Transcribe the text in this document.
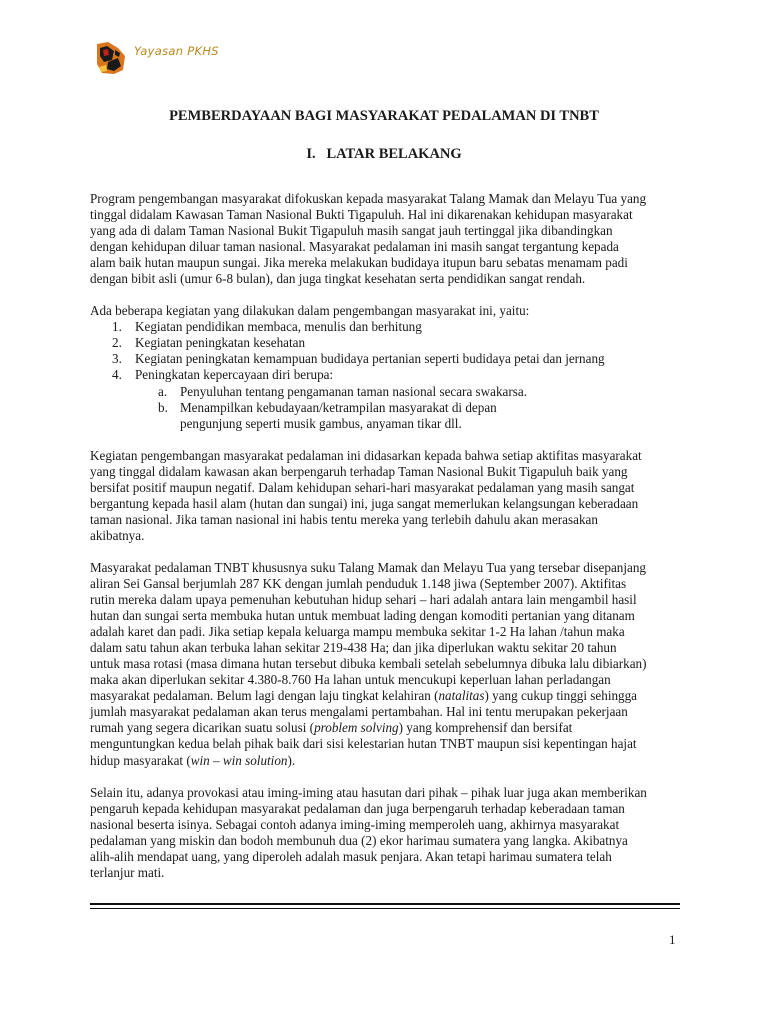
Yayasan PKHS
PEMBERDAYAAN BAGI MASYARAKAT PEDALAMAN DI TNBT
I. LATAR BELAKANG

Program pengembangan masyarakat difokuskan kepada masyarakat Talang Mamak dan Melayu Tua yang
tinggal didalam Kawasan Taman Nasional Bukti Tigapuluh. Hal ini dikarenakan kehidupan masyarakat
yang ada di dalam Taman Nasional Bukit Tigapuluh masih sangat jauh tertinggal jika dibandingkan
dengan kehidupan diluar taman nasional. Masyarakat pedalaman ini masih sangat tergantung kepada
alam baik hutan maupun sungai. Jika mereka melakukan budidaya itupun baru sebatas menamam padi
dengan bibit asli (umur 6-8 bulan), dan juga tingkat kesehatan serta pendidikan sangat rendah.

Ada beberapa kegiatan yang dilakukan dalam pengembangan masyarakat ini, yaitu:
1. Kegiatan pendidikan membaca, menulis dan berhitung
2. Kegiatan peningkatan kesehatan
3. Kegiatan peningkatan kemampuan budidaya pertanian seperti budidaya petai dan jernang
4. Peningkatan kepercayaan diri berupa:
a. Penyuluhan tentang pengamanan taman nasional secara swakarsa.
b. Menampilkan kebudayaan/ketrampilan masyarakat di depan
pengunjung seperti musik gambus, anyaman tikar dll.

Kegiatan pengembangan masyarakat pedalaman ini didasarkan kepada bahwa setiap aktifitas masyarakat
yang tinggal didalam kawasan akan berpengaruh terhadap Taman Nasional Bukit Tigapuluh baik yang
bersifat positif maupun negatif. Dalam kehidupan sehari-hari masyarakat pedalaman yang masih sangat
bergantung kepada hasil alam (hutan dan sungai) ini, juga sangat memerlukan kelangsungan keberadaan
taman nasional. Jika taman nasional ini habis tentu mereka yang terlebih dahulu akan merasakan
akibatnya.

Masyarakat pedalaman TNBT khususnya suku Talang Mamak dan Melayu Tua yang tersebar disepanjang
aliran Sei Gansal berjumlah 287 KK dengan jumlah penduduk 1.148 jiwa (September 2007). Aktifitas
rutin mereka dalam upaya pemenuhan kebutuhan hidup sehari – hari adalah antara lain mengambil hasil
hutan dan sungai serta membuka hutan untuk membuat lading dengan komoditi pertanian yang ditanam
adalah karet dan padi. Jika setiap kepala keluarga mampu membuka sekitar 1-2 Ha lahan /tahun maka
dalam satu tahun akan terbuka lahan sekitar 219-438 Ha; dan jika diperlukan waktu sekitar 20 tahun
untuk masa rotasi (masa dimana hutan tersebut dibuka kembali setelah sebelumnya dibuka lalu dibiarkan)
maka akan diperlukan sekitar 4.380-8.760 Ha lahan untuk mencukupi keperluan lahan perladangan
masyarakat pedalaman. Belum lagi dengan laju tingkat kelahiran (natalitas) yang cukup tinggi sehingga
jumlah masyarakat pedalaman akan terus mengalami pertambahan. Hal ini tentu merupakan pekerjaan
rumah yang segera dicarikan suatu solusi (problem solving) yang komprehensif dan bersifat
menguntungkan kedua belah pihak baik dari sisi kelestarian hutan TNBT maupun sisi kepentingan hajat
hidup masyarakat (win – win solution).

Selain itu, adanya provokasi atau iming-iming atau hasutan dari pihak – pihak luar juga akan memberikan
pengaruh kepada kehidupan masyarakat pedalaman dan juga berpengaruh terhadap keberadaan taman
nasional beserta isinya. Sebagai contoh adanya iming-iming memperoleh uang, akhirnya masyarakat
pedalaman yang miskin dan bodoh membunuh dua (2) ekor harimau sumatera yang langka. Akibatnya
alih-alih mendapat uang, yang diperoleh adalah masuk penjara. Akan tetapi harimau sumatera telah
terlanjur mati.

1
